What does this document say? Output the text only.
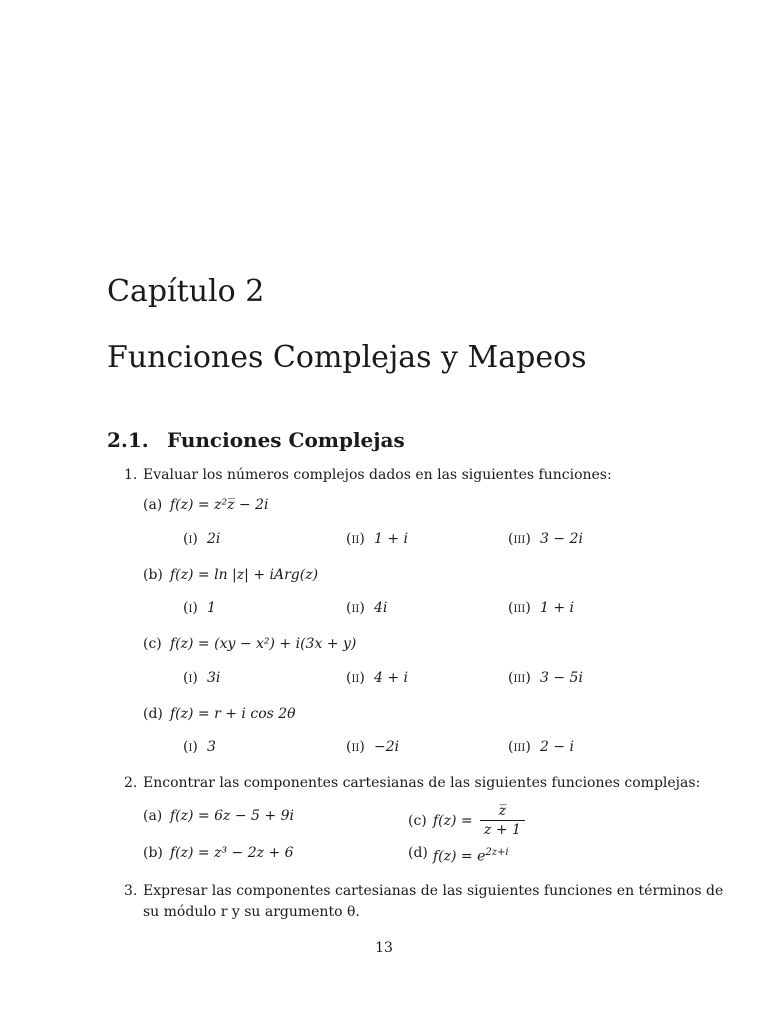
Capítulo 2
Funciones Complejas y Mapeos
2.1. Funciones Complejas
1. Evaluar los números complejos dados en las siguientes funciones:
(a) f(z) = z²z̅ − 2i
(i) 2i	(ii) 1 + i	(iii) 3 − 2i
(b) f(z) = ln |z| + iArg(z)
(i) 1	(ii) 4i	(iii) 1 + i
(c) f(z) = (xy − x²) + i(3x + y)
(i) 3i	(ii) 4 + i	(iii) 3 − 5i
(d) f(z) = r + i cos 2θ
(i) 3	(ii) −2i	(iii) 2 − i
2. Encontrar las componentes cartesianas de las siguientes funciones complejas:
(a) f(z) = 6z − 5 + 9i
(b) f(z) = z³ − 2z + 6
(c) $f(z) = \frac{z̅}{z + 1}$
(d) $f(z) = e^{2z+i}$
3. Expresar las componentes cartesianas de las siguientes funciones en términos de
su módulo r y su argumento θ.
13
